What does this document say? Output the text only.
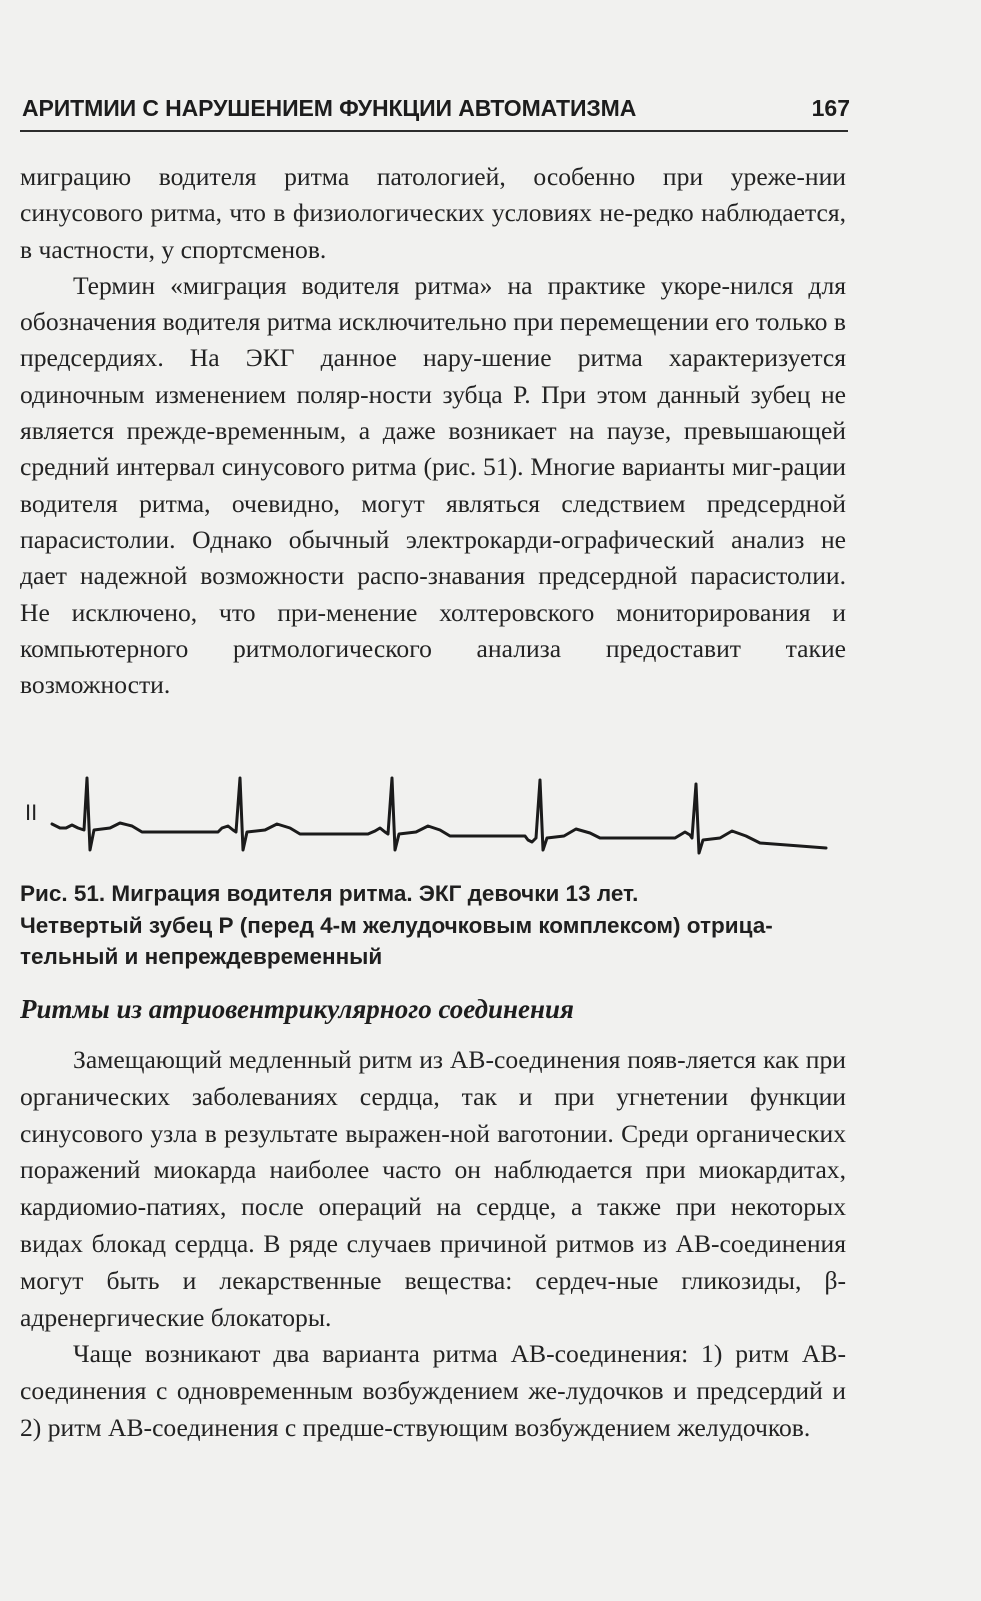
АРИТМИИ С НАРУШЕНИЕМ ФУНКЦИИ АВТОМАТИЗМА	167

миграцию водителя ритма патологией, особенно при уреже-нии синусового ритма, что в физиологических условиях не-редко наблюдается, в частности, у спортсменов.

Термин «миграция водителя ритма» на практике укоре-нился для обозначения водителя ритма исключительно при перемещении его только в предсердиях. На ЭКГ данное нару-шение ритма характеризуется одиночным изменением поляр-ности зубца Р. При этом данный зубец не является прежде-временным, а даже возникает на паузе, превышающей средний интервал синусового ритма (рис. 51). Многие варианты миг-рации водителя ритма, очевидно, могут являться следствием предсердной парасистолии. Однако обычный электрокарди-ографический анализ не дает надежной возможности распо-знавания предсердной парасистолии. Не исключено, что при-менение холтеровского мониторирования и компьютерного ритмологического анализа предоставит такие возможности.

II
Рис. 51. Миграция водителя ритма. ЭКГ девочки 13 лет.
Четвертый зубец Р (перед 4-м желудочковым комплексом) отрица-
тельный и непреждевременный
Ритмы из атриовентрикулярного соединения

Замещающий медленный ритм из АВ-соединения появ-ляется как при органических заболеваниях сердца, так и при угнетении функции синусового узла в результате выражен-ной ваготонии. Среди органических поражений миокарда наиболее часто он наблюдается при миокардитах, кардиомио-патиях, после операций на сердце, а также при некоторых видах блокад сердца. В ряде случаев причиной ритмов из АВ-соединения могут быть и лекарственные вещества: сердеч-ные гликозиды, β-адренергические блокаторы.

Чаще возникают два варианта ритма АВ-соединения: 1) ритм АВ-соединения с одновременным возбуждением же-лудочков и предсердий и 2) ритм АВ-соединения с предше-ствующим возбуждением желудочков.
